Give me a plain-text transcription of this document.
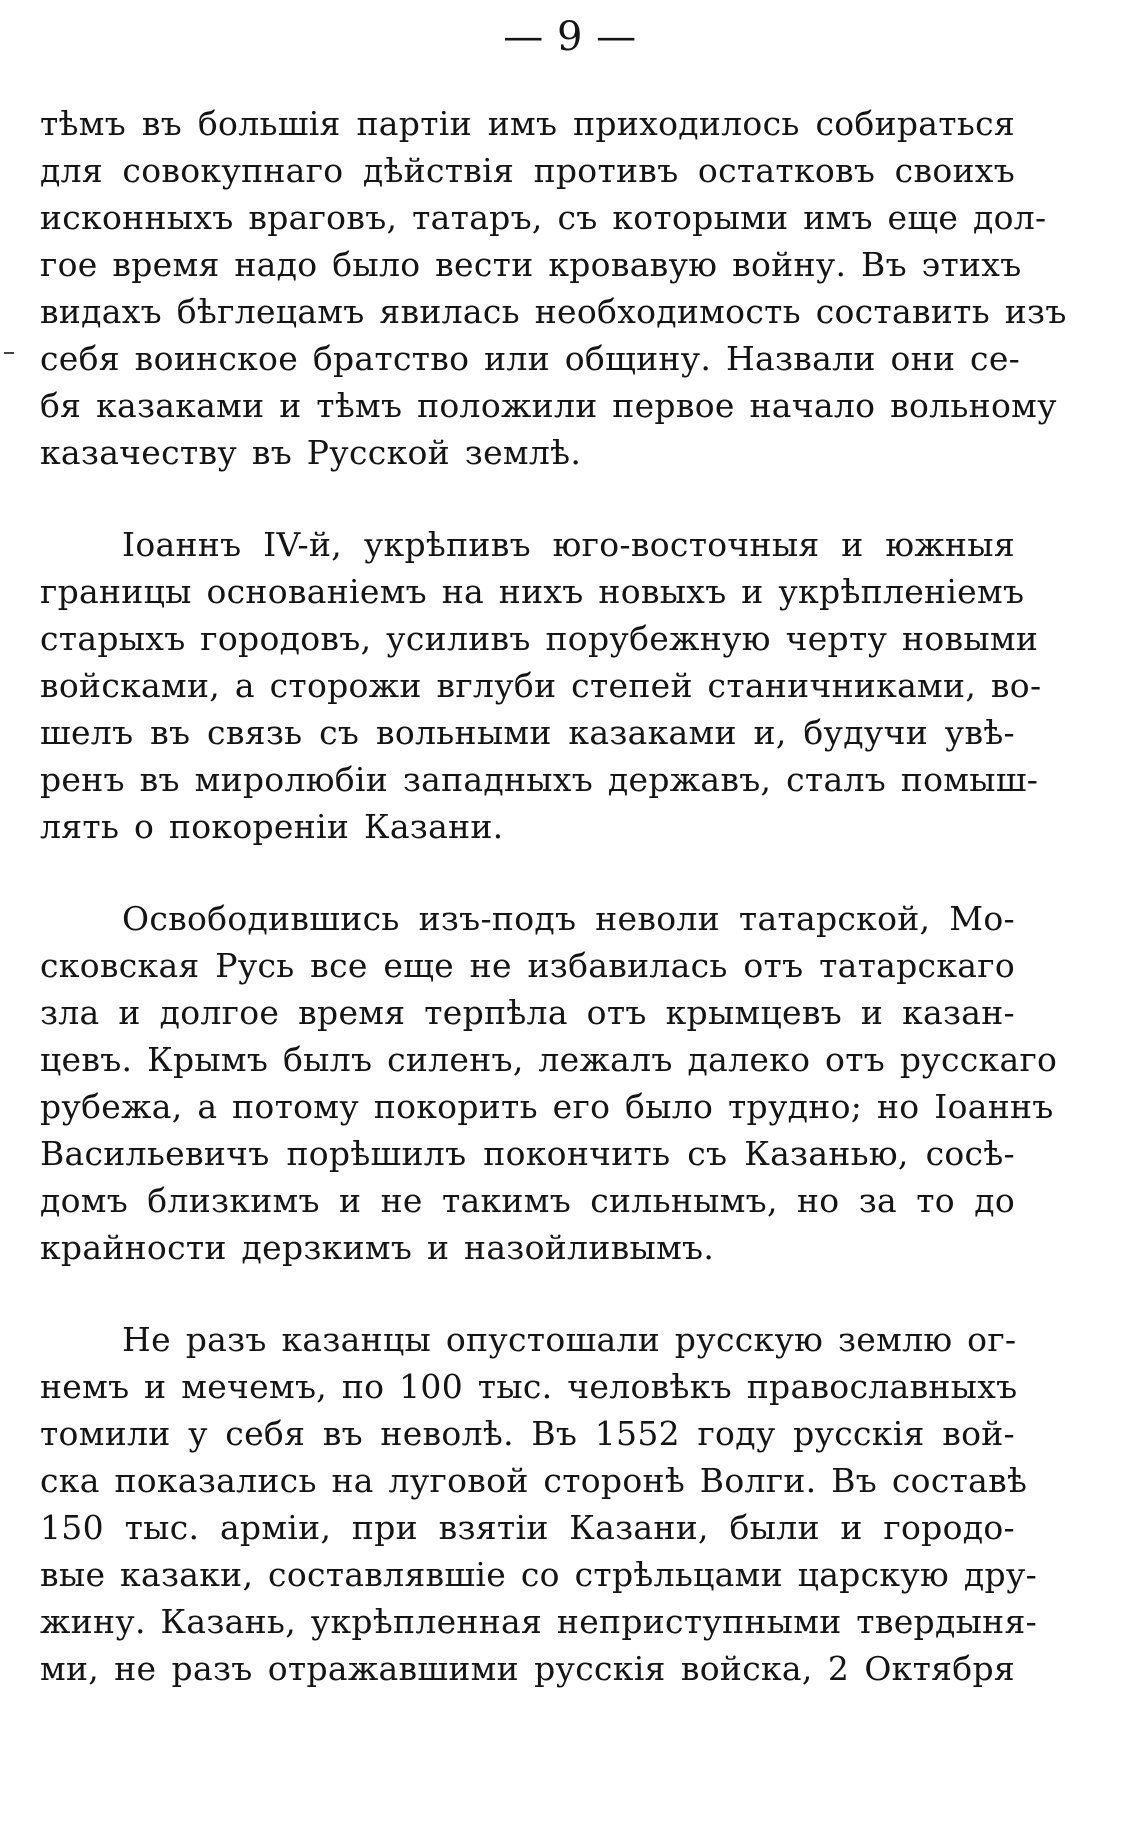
— 9 —
тѣмъ въ большія партіи имъ приходилось собираться
для совокупнаго дѣйствія противъ остатковъ своихъ
исконныхъ враговъ, татаръ, съ которыми имъ еще дол-
гое время надо было вести кровавую войну. Въ этихъ
видахъ бѣглецамъ явилась необходимость составить изъ
себя воинское братство или общину. Назвали они се-
бя казаками и тѣмъ положили первое начало вольному
казачеству въ Русской землѣ.
Іоаннъ IV-й, укрѣпивъ юго-восточныя и южныя
границы основаніемъ на нихъ новыхъ и укрѣпленіемъ
старыхъ городовъ, усиливъ порубежную черту новыми
войсками, а сторожи вглуби степей станичниками, во-
шелъ въ связь съ вольными казаками и, будучи увѣ-
ренъ въ миролюбіи западныхъ державъ, сталъ помыш-
лять о покореніи Казани.
Освободившись изъ-подъ неволи татарской, Мо-
сковская Русь все еще не избавилась отъ татарскаго
зла и долгое время терпѣла отъ крымцевъ и казан-
цевъ. Крымъ былъ силенъ, лежалъ далеко отъ русскаго
рубежа, а потому покорить его было трудно; но Іоаннъ
Васильевичъ порѣшилъ покончить съ Казанью, сосѣ-
домъ близкимъ и не такимъ сильнымъ, но за то до
крайности дерзкимъ и назойливымъ.
Не разъ казанцы опустошали русскую землю ог-
немъ и мечемъ, по 100 тыс. человѣкъ православныхъ
томили у себя въ неволѣ. Въ 1552 году русскія вой-
ска показались на луговой сторонѣ Волги. Въ составѣ
150 тыс. арміи, при взятіи Казани, были и городо-
вые казаки, составлявшіе со стрѣльцами царскую дру-
жину. Казань, укрѣпленная неприступными твердыня-
ми, не разъ отражавшими русскія войска, 2 Октября
